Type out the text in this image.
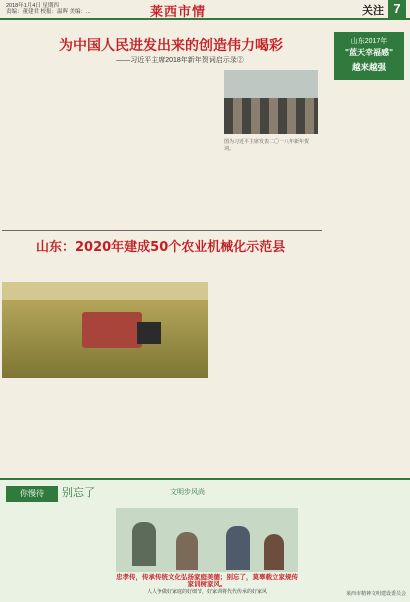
2018年1月4日 星期四
责编：董建君 校报：温晖 美编：...	莱西市情	关注 7
为中国人民进发出来的创造伟力喝彩
——习近平主席2018年新年贺词启示录②
山东2017年
"蓝天幸福感"
越来越强
图为习近平主席发表二〇一八年新年贺词。
山东：2020年建成50个农业机械化示范县
你慢待	别忘了	文明步风尚
忠孝传，传承传统文化弘扬家庭美德；别忘了，莫辜载立家规传家训树家风。
人人争做好家庭的好细节，好家训将代代传承的好家风	莱西市精神文明建设委员会
